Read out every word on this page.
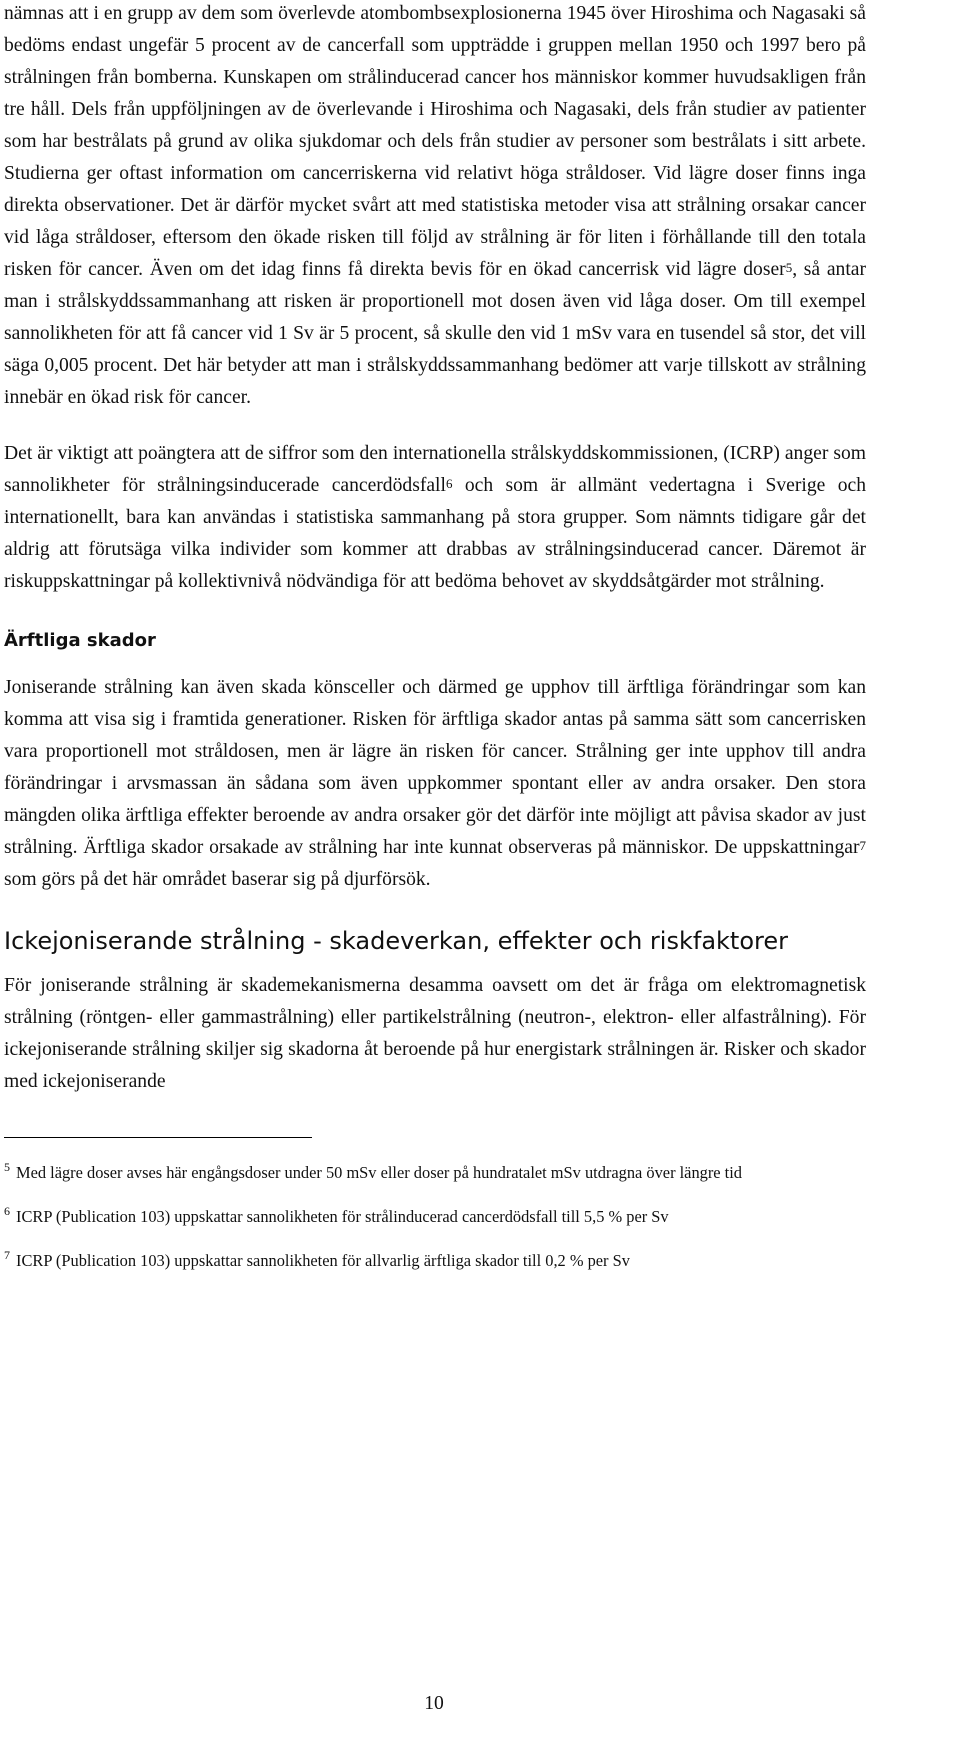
nämnas att i en grupp av dem som överlevde atombombsexplosionerna 1945 över Hiroshima och Nagasaki så bedöms endast ungefär 5 procent av de cancerfall som uppträdde i gruppen mellan 1950 och 1997 bero på strålningen från bomberna. Kunskapen om strålinducerad cancer hos människor kommer huvudsakligen från tre håll. Dels från uppföljningen av de överlevande i Hiroshima och Nagasaki, dels från studier av patienter som har bestrålats på grund av olika sjukdomar och dels från studier av personer som bestrålats i sitt arbete. Studierna ger oftast information om cancerriskerna vid relativt höga stråldoser. Vid lägre doser finns inga direkta observationer. Det är därför mycket svårt att med statistiska metoder visa att strålning orsakar cancer vid låga stråldoser, eftersom den ökade risken till följd av strålning är för liten i förhållande till den totala risken för cancer. Även om det idag finns få direkta bevis för en ökad cancerrisk vid lägre doser$^5$, så antar man i strålskyddssammanhang att risken är proportionell mot dosen även vid låga doser. Om till exempel sannolikheten för att få cancer vid 1 Sv är 5 procent, så skulle den vid 1 mSv vara en tusendel så stor, det vill säga 0,005 procent. Det här betyder att man i strålskyddssammanhang bedömer att varje tillskott av strålning innebär en ökad risk för cancer.

Det är viktigt att poängtera att de siffror som den internationella strålskyddskommissionen, (ICRP) anger som sannolikheter för strålningsinducerade cancerdödsfall$^6$ och som är allmänt vedertagna i Sverige och internationellt, bara kan användas i statistiska sammanhang på stora grupper. Som nämnts tidigare går det aldrig att förutsäga vilka individer som kommer att drabbas av strålningsinducerad cancer. Däremot är riskuppskattningar på kollektivnivå nödvändiga för att bedöma behovet av skyddsåtgärder mot strålning.

Ärftliga skador

Joniserande strålning kan även skada könsceller och därmed ge upphov till ärftliga förändringar som kan komma att visa sig i framtida generationer. Risken för ärftliga skador antas på samma sätt som cancerrisken vara proportionell mot stråldosen, men är lägre än risken för cancer. Strålning ger inte upphov till andra förändringar i arvsmassan än sådana som även uppkommer spontant eller av andra orsaker. Den stora mängden olika ärftliga effekter beroende av andra orsaker gör det därför inte möjligt att påvisa skador av just strålning. Ärftliga skador orsakade av strålning har inte kunnat observeras på människor. De uppskattningar$^7$ som görs på det här området baserar sig på djurförsök.

Ickejoniserande strålning - skadeverkan, effekter och riskfaktorer

För joniserande strålning är skademekanismerna desamma oavsett om det är fråga om elektromagnetisk strålning (röntgen- eller gammastrålning) eller partikelstrålning (neutron-, elektron- eller alfastrålning). För ickejoniserande strålning skiljer sig skadorna åt beroende på hur energistark strålningen är. Risker och skador med ickejoniserande

5 Med lägre doser avses här engångsdoser under 50 mSv eller doser på hundratalet mSv utdragna över längre tid
6 ICRP (Publication 103) uppskattar sannolikheten för strålinducerad cancerdödsfall till 5,5 % per Sv
7 ICRP (Publication 103) uppskattar sannolikheten för allvarlig ärftliga skador till 0,2 % per Sv
10
